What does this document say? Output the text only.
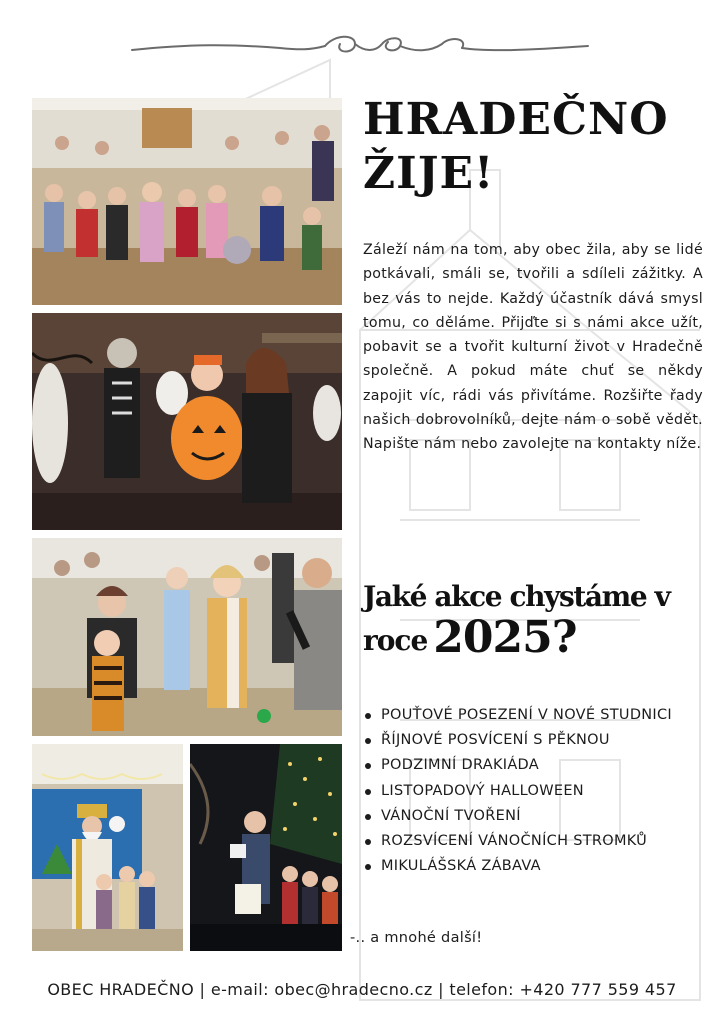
HRADEČNO
ŽIJE!

Záleží nám na tom, aby obec žila, aby se lidé potkávali, smáli se, tvořili a sdíleli zážitky. A bez vás to nejde. Každý účastník dává smysl tomu, co děláme. Přijďte si s námi akce užít, pobavit se a tvořit kulturní život v Hradečně společně. A pokud máte chuť se někdy zapojit víc, rádi vás přivítáme. Rozšiřte řady našich dobrovolníků, dejte nám o sobě vědět. Napište nám nebo zavolejte na kontakty níže.

Jaké akce chystáme v
roce 2025?
POUŤOVÉ POSEZENÍ V NOVÉ STUDNICI
ŘÍJNOVÉ POSVÍCENÍ S PĚKNOU
PODZIMNÍ DRAKIÁDA
LISTOPADOVÝ HALLOWEEN
VÁNOČNÍ TVOŘENÍ
ROZSVÍCENÍ VÁNOČNÍCH STROMKŮ
MIKULÁŠSKÁ ZÁBAVA

-.. a mnohé další!

OBEC HRADEČNO | e-mail: obec@hradecno.cz | telefon: +420 777 559 457
